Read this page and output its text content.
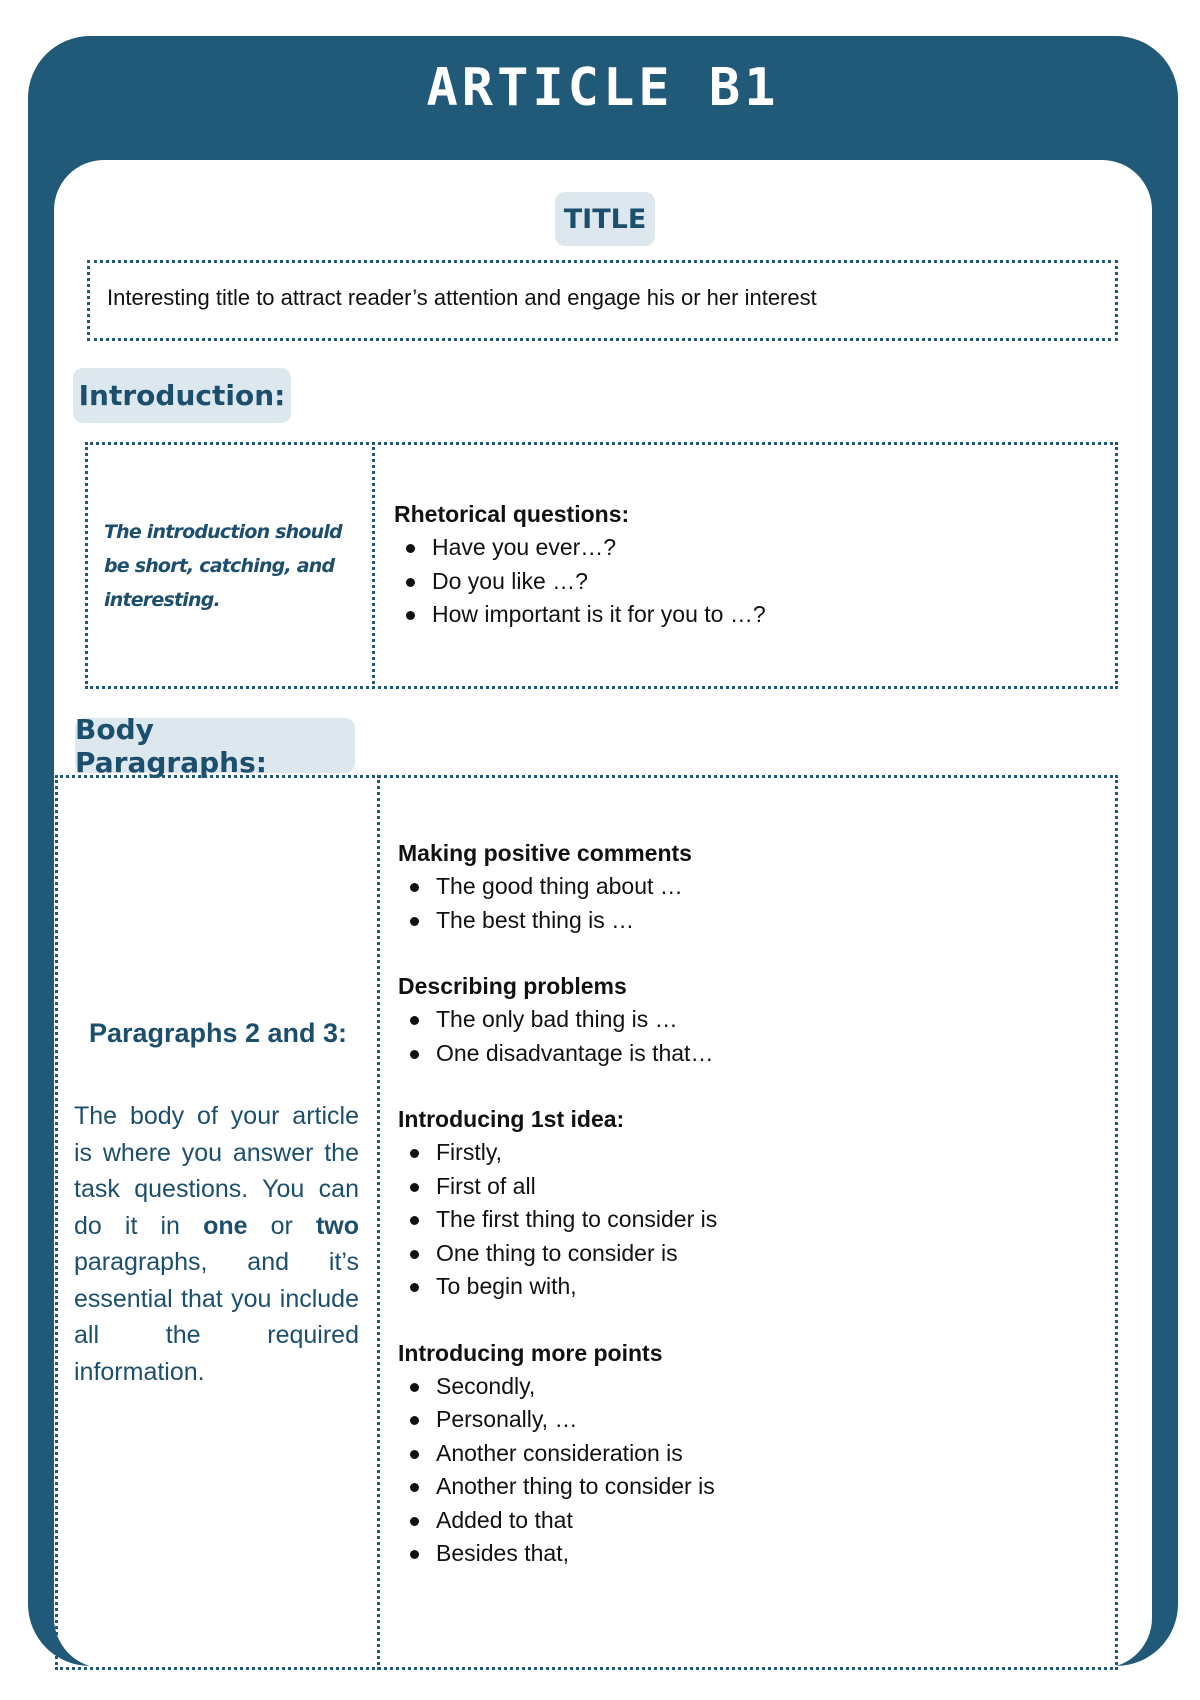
ARTICLE B1
TITLE
Interesting title to attract reader’s attention and engage his or her interest
Introduction:
The introduction should be short, catching, and interesting.

Rhetorical questions:

Have you ever…?
Do you like …?
How important is it for you to …?
Body Paragraphs:
Paragraphs 2 and 3:
The body of your article is where you answer the task questions. You can do it in one or two paragraphs, and it’s essential that you include all the required information.

Making positive comments

The good thing about …
The best thing is …

Describing problems

The only bad thing is …
One disadvantage is that…

Introducing 1st idea:

Firstly,
First of all
The first thing to consider is
One thing to consider is
To begin with,

Introducing more points

Secondly,
Personally, …
Another consideration is
Another thing to consider is
Added to that
Besides that,
